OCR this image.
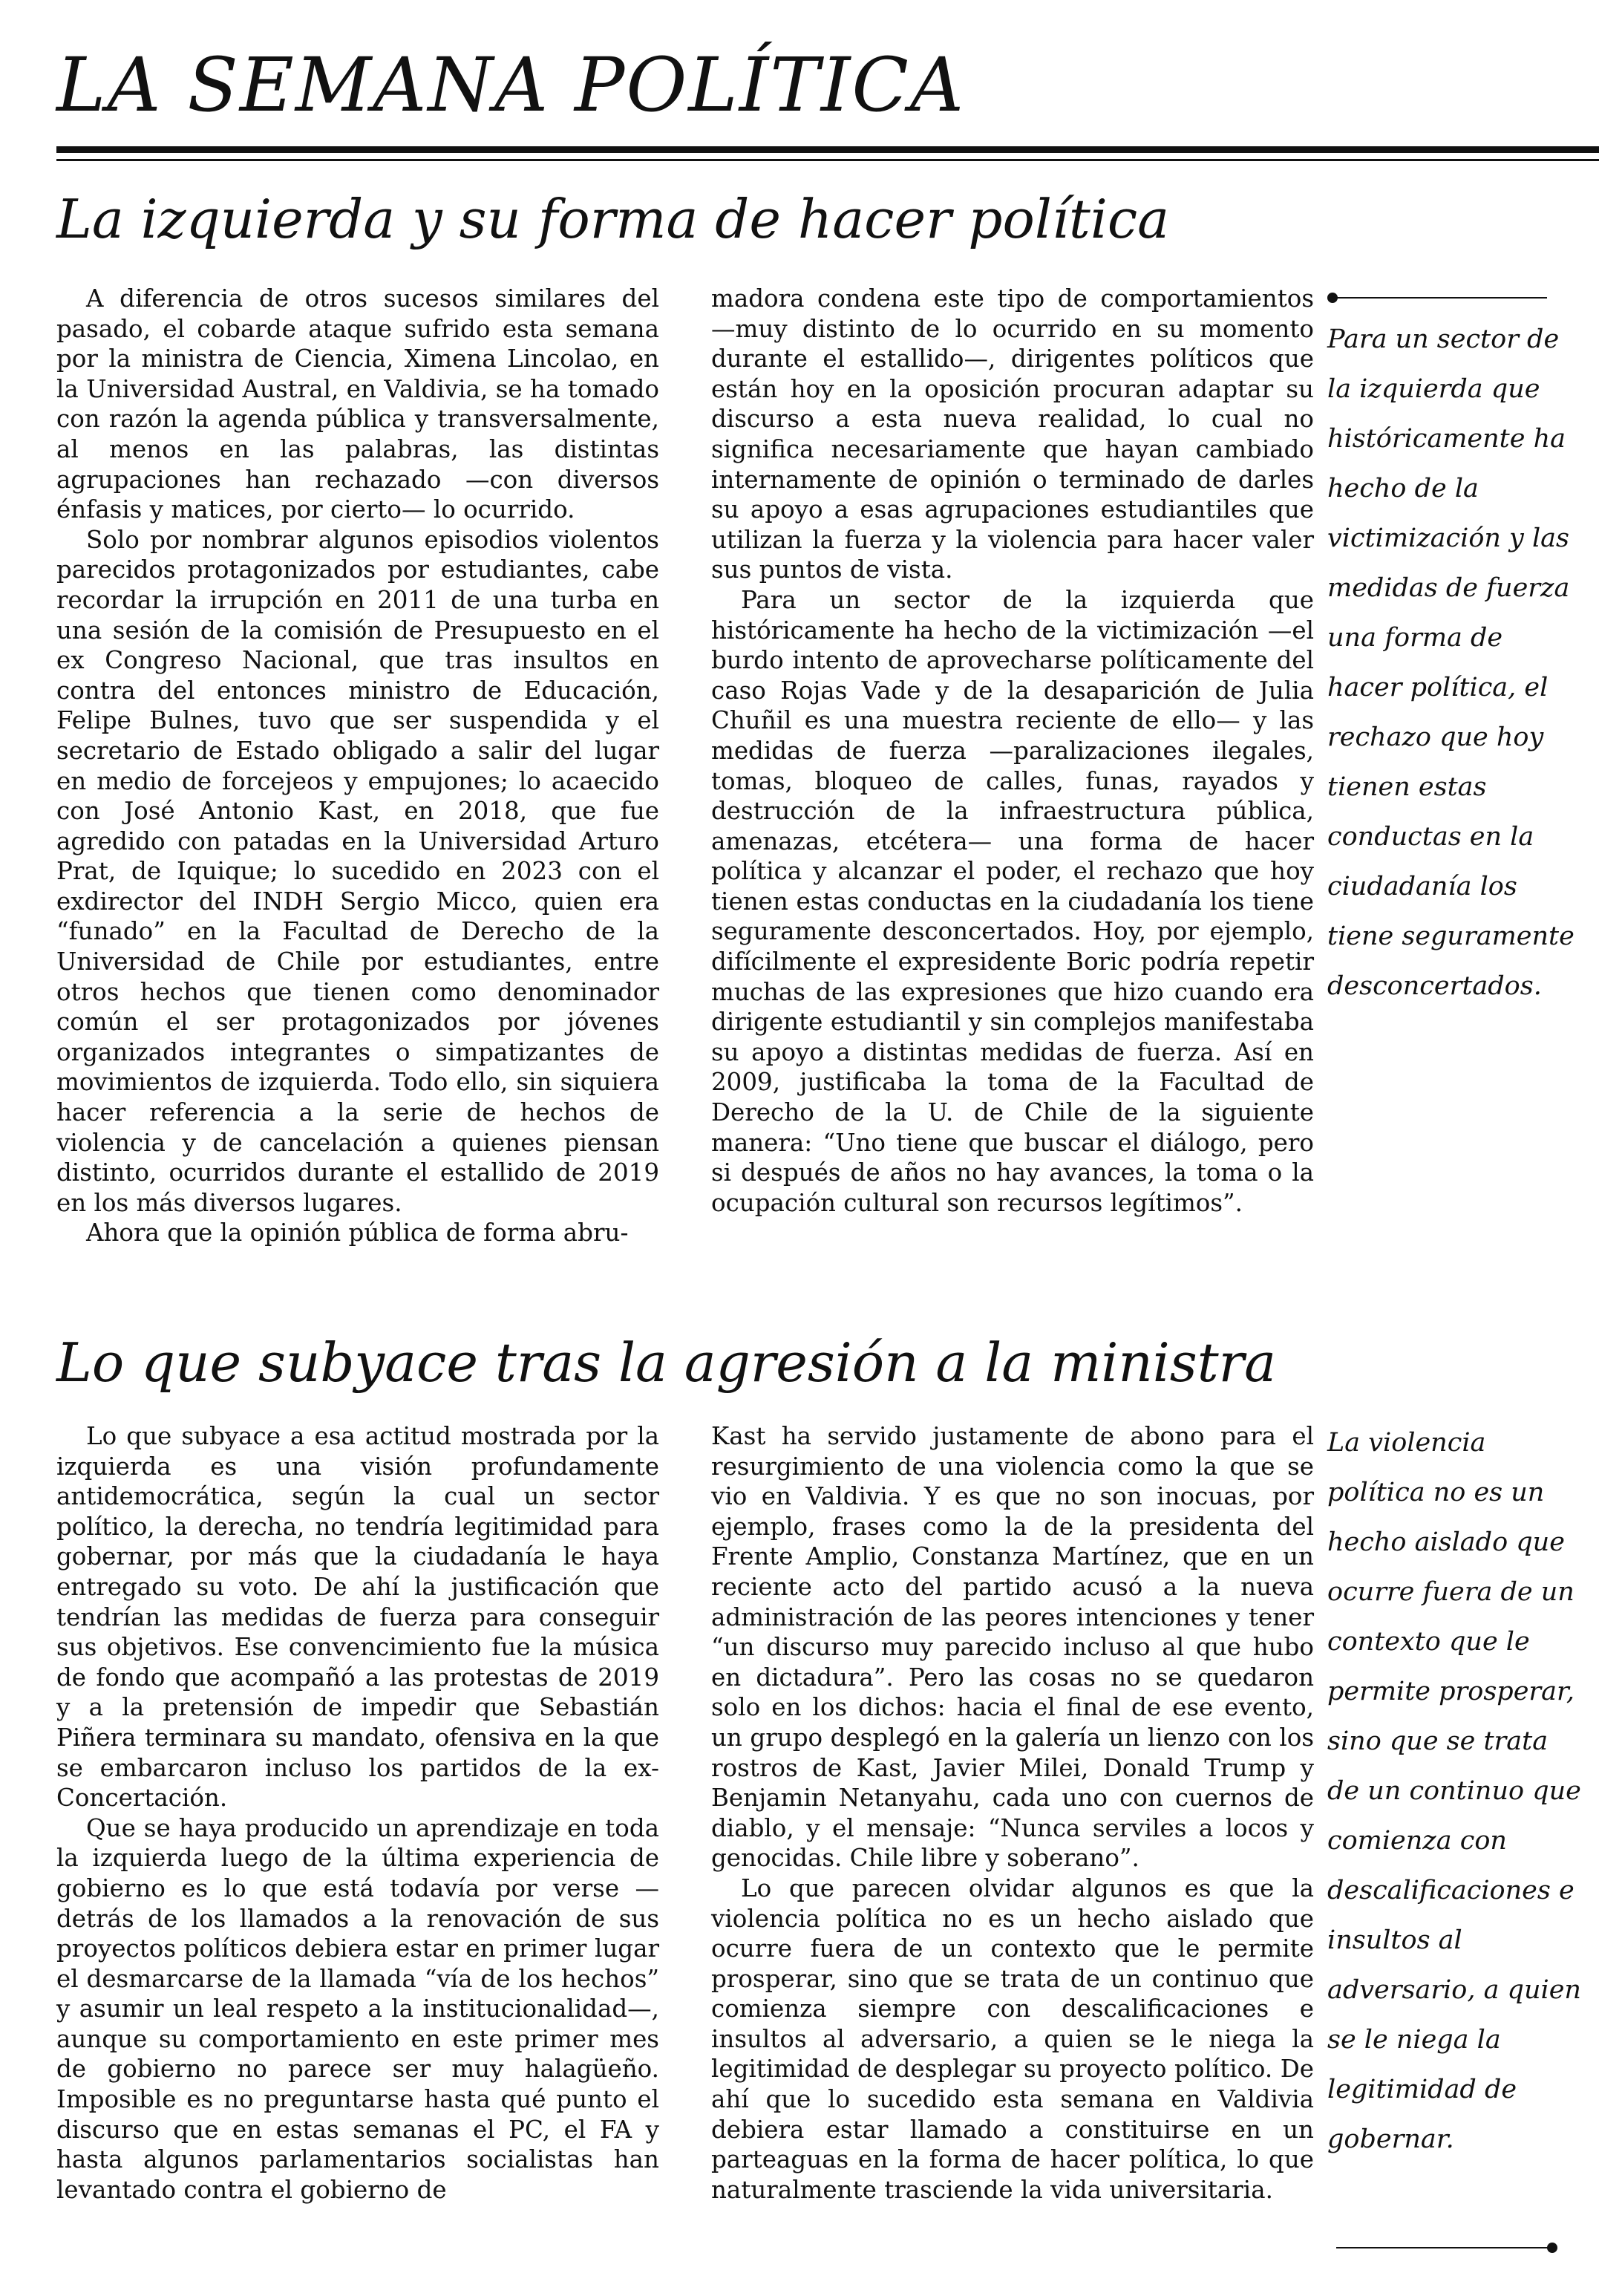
LA SEMANA POLÍTICA
La izquierda y su forma de hacer política

A diferencia de otros sucesos similares del pasado, el cobarde ataque sufrido esta semana por la ministra de Ciencia, Ximena Lincolao, en la Universidad Austral, en Valdivia, se ha tomado con razón la agenda pública y transversalmente, al menos en las palabras, las distintas agrupaciones han rechazado —con diversos énfasis y matices, por cierto— lo ocurrido.

Solo por nombrar algunos episodios violentos parecidos protagonizados por estudiantes, cabe recordar la irrupción en 2011 de una turba en una sesión de la comisión de Presupuesto en el ex Congreso Nacional, que tras insultos en contra del entonces ministro de Educación, Felipe Bulnes, tuvo que ser suspendida y el secretario de Estado obligado a salir del lugar en medio de forcejeos y empujones; lo acaecido con José Antonio Kast, en 2018, que fue agredido con patadas en la Universidad Arturo Prat, de Iquique; lo sucedido en 2023 con el exdirector del INDH Sergio Micco, quien era “funado” en la Facultad de Derecho de la Universidad de Chile por estudiantes, entre otros hechos que tienen como denominador común el ser protagonizados por jóvenes organizados integrantes o simpatizantes de movimientos de izquierda. Todo ello, sin siquiera hacer referencia a la serie de hechos de violencia y de cancelación a quienes piensan distinto, ocurridos durante el estallido de 2019 en los más diversos lugares.

Ahora que la opinión pública de forma abru-

madora condena este tipo de comportamientos —muy distinto de lo ocurrido en su momento durante el estallido—, dirigentes políticos que están hoy en la oposición procuran adaptar su discurso a esta nueva realidad, lo cual no significa necesariamente que hayan cambiado internamente de opinión o terminado de darles su apoyo a esas agrupaciones estudiantiles que utilizan la fuerza y la violencia para hacer valer sus puntos de vista.

Para un sector de la izquierda que históricamente ha hecho de la victimización —el burdo intento de aprovecharse políticamente del caso Rojas Vade y de la desaparición de Julia Chuñil es una muestra reciente de ello— y las medidas de fuerza —paralizaciones ilegales, tomas, bloqueo de calles, funas, rayados y destrucción de la infraestructura pública, amenazas, etcétera— una forma de hacer política y alcanzar el poder, el rechazo que hoy tienen estas conductas en la ciudadanía los tiene seguramente desconcertados. Hoy, por ejemplo, difícilmente el expresidente Boric podría repetir muchas de las expresiones que hizo cuando era dirigente estudiantil y sin complejos manifestaba su apoyo a distintas medidas de fuerza. Así en 2009, justificaba la toma de la Facultad de Derecho de la U. de Chile de la siguiente manera: “Uno tiene que buscar el diálogo, pero si después de años no hay avances, la toma o la ocupación cultural son recursos legítimos”.

Para un sector de la izquierda que históricamente ha hecho de la victimización y las medidas de fuerza una forma de hacer política, el rechazo que hoy tienen estas conductas en la ciudadanía los tiene seguramente desconcertados.
Lo que subyace tras la agresión a la ministra

Lo que subyace a esa actitud mostrada por la izquierda es una visión profundamente antidemocrática, según la cual un sector político, la derecha, no tendría legitimidad para gobernar, por más que la ciudadanía le haya entregado su voto. De ahí la justificación que tendrían las medidas de fuerza para conseguir sus objetivos. Ese convencimiento fue la música de fondo que acompañó a las protestas de 2019 y a la pretensión de impedir que Sebastián Piñera terminara su mandato, ofensiva en la que se embarcaron incluso los partidos de la ex-Concertación.

Que se haya producido un aprendizaje en toda la izquierda luego de la última experiencia de gobierno es lo que está todavía por verse —detrás de los llamados a la renovación de sus proyectos políticos debiera estar en primer lugar el desmarcarse de la llamada “vía de los hechos” y asumir un leal respeto a la institucionalidad—, aunque su comportamiento en este primer mes de gobierno no parece ser muy halagüeño. Imposible es no preguntarse hasta qué punto el discurso que en estas semanas el PC, el FA y hasta algunos parlamentarios socialistas han levantado contra el gobierno de

Kast ha servido justamente de abono para el resurgimiento de una violencia como la que se vio en Valdivia. Y es que no son inocuas, por ejemplo, frases como la de la presidenta del Frente Amplio, Constanza Martínez, que en un reciente acto del partido acusó a la nueva administración de las peores intenciones y tener “un discurso muy parecido incluso al que hubo en dictadura”. Pero las cosas no se quedaron solo en los dichos: hacia el final de ese evento, un grupo desplegó en la galería un lienzo con los rostros de Kast, Javier Milei, Donald Trump y Benjamin Netanyahu, cada uno con cuernos de diablo, y el mensaje: “Nunca serviles a locos y genocidas. Chile libre y soberano”.

Lo que parecen olvidar algunos es que la violencia política no es un hecho aislado que ocurre fuera de un contexto que le permite prosperar, sino que se trata de un continuo que comienza siempre con descalificaciones e insultos al adversario, a quien se le niega la legitimidad de desplegar su proyecto político. De ahí que lo sucedido esta semana en Valdivia debiera estar llamado a constituirse en un parteaguas en la forma de hacer política, lo que naturalmente trasciende la vida universitaria.

La violencia política no es un hecho aislado que ocurre fuera de un contexto que le permite prosperar, sino que se trata de un continuo que comienza con descalificaciones e insultos al adversario, a quien se le niega la legitimidad de gobernar.
